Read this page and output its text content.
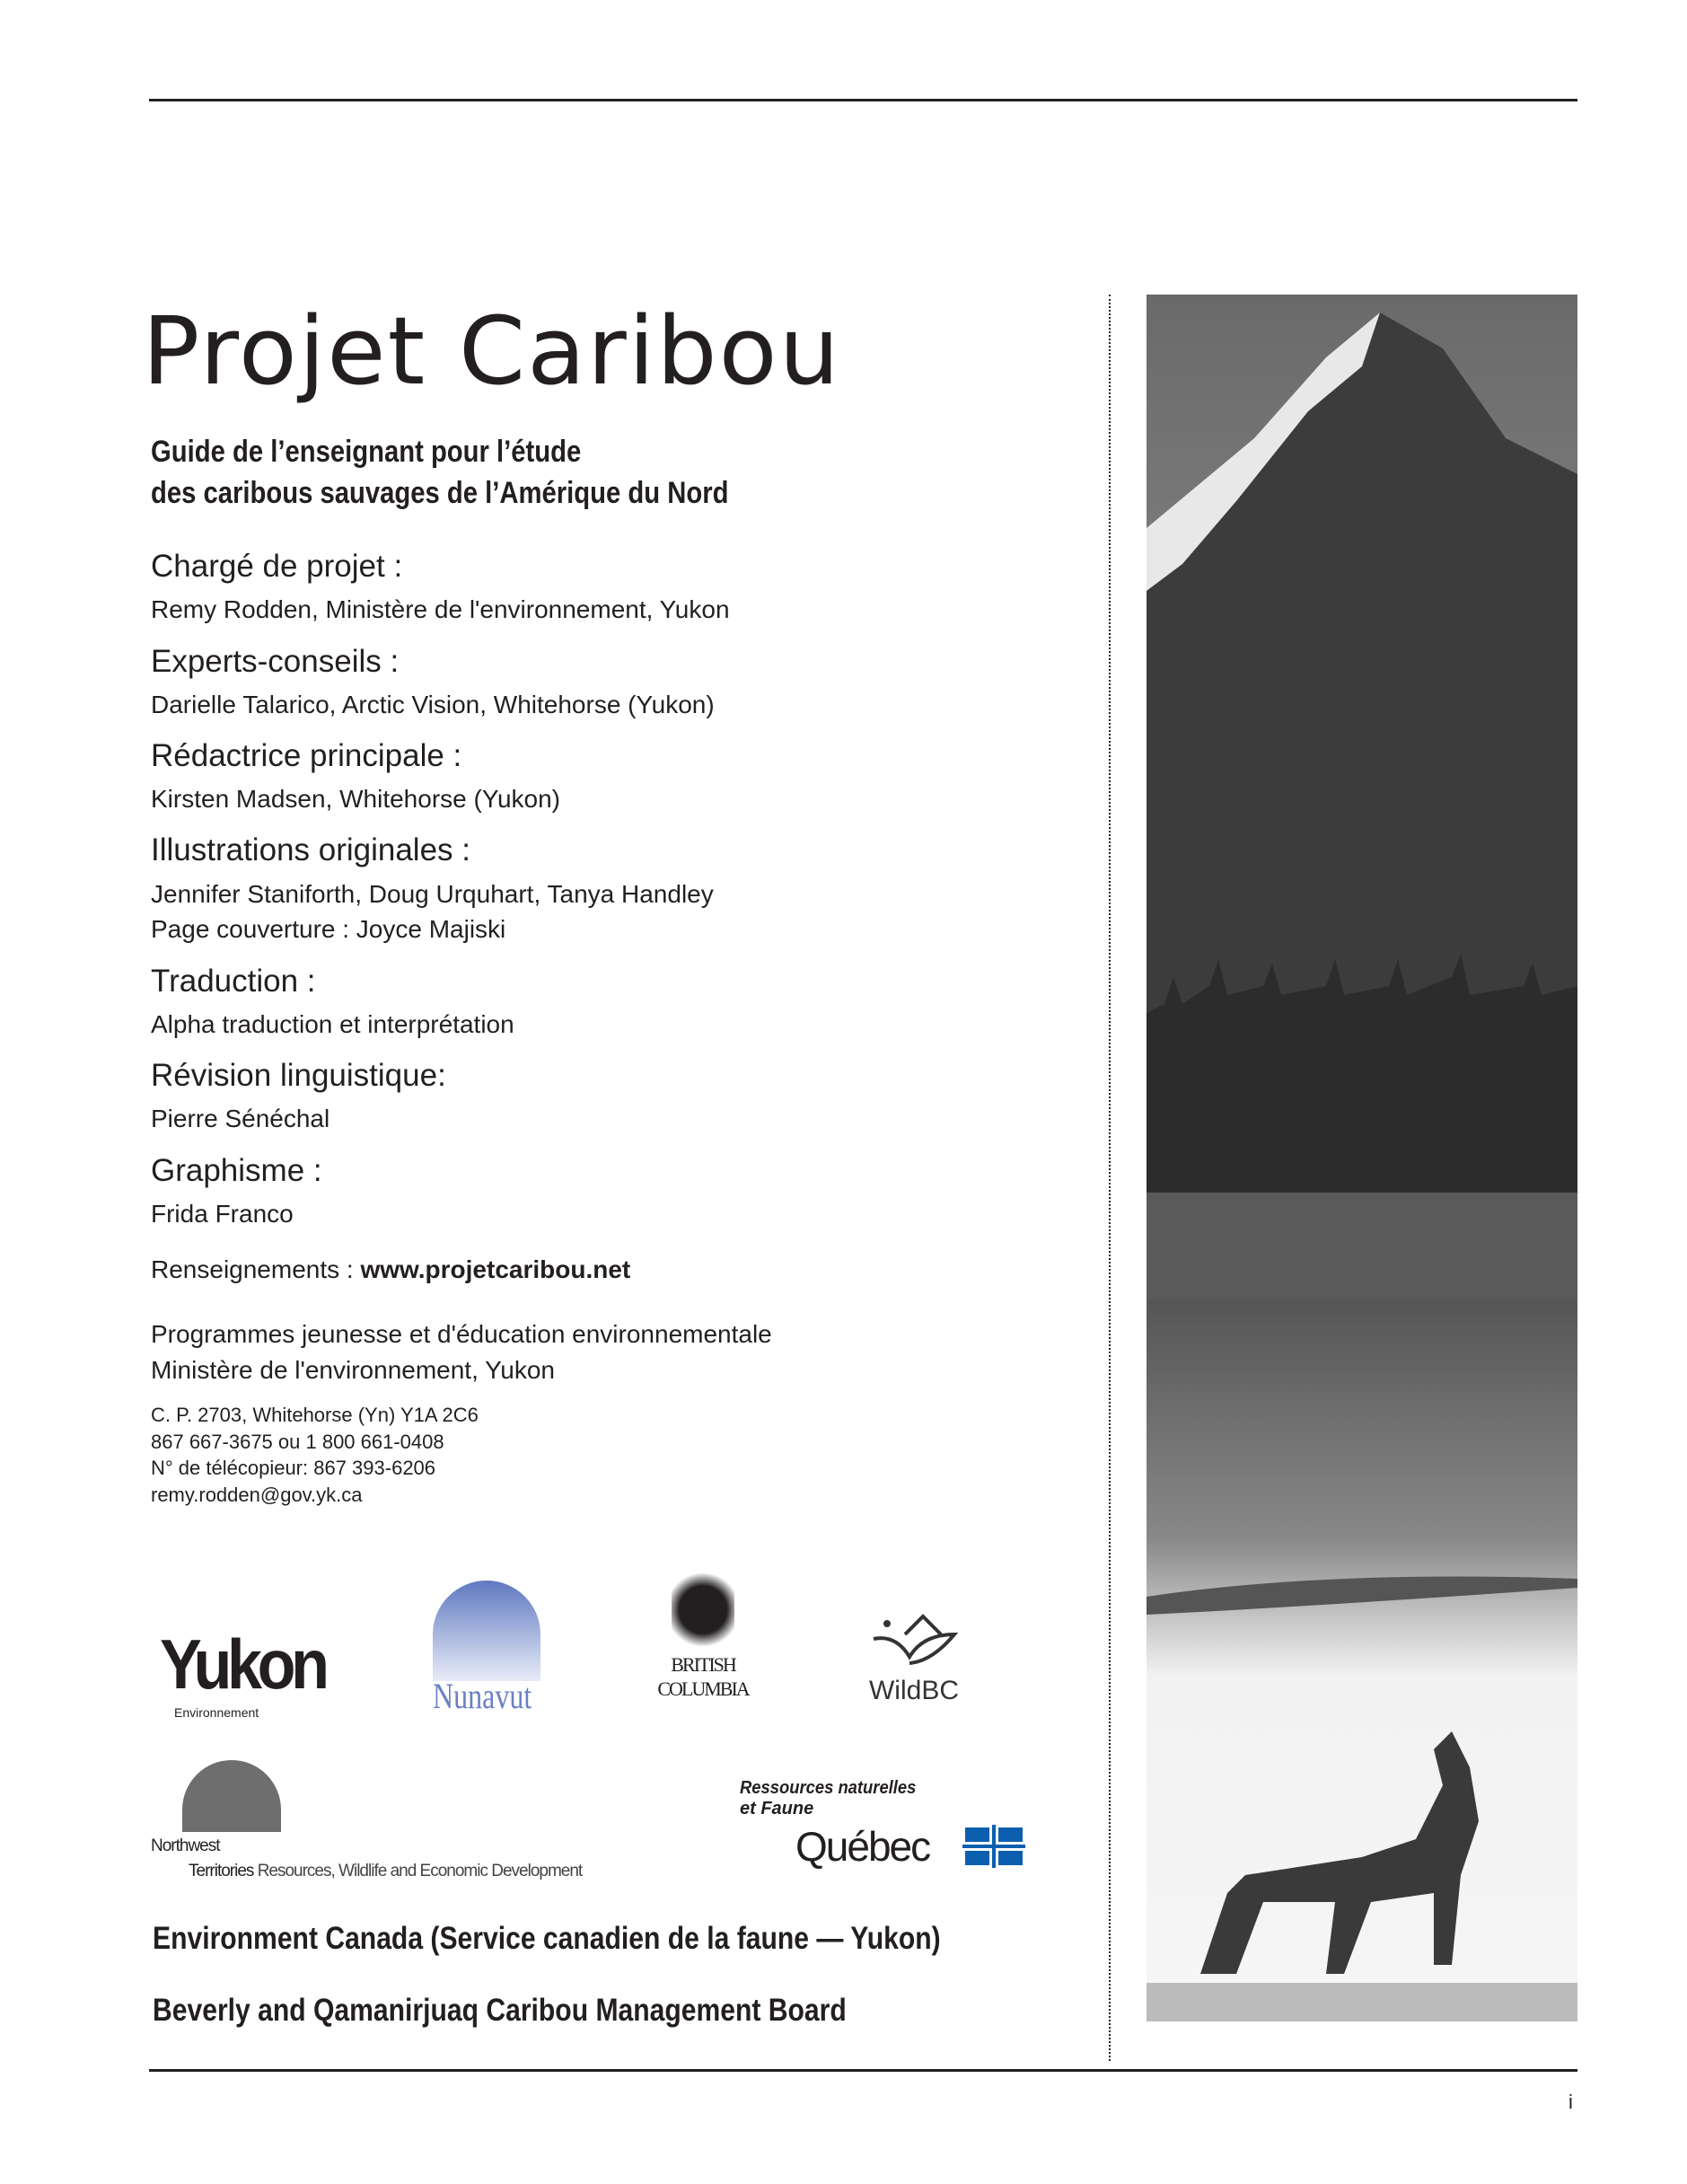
Projet Caribou
Guide de l’enseignant pour l’étude
des caribous sauvages de l’Amérique du Nord
Chargé de projet :
Remy Rodden, Ministère de l'environnement, Yukon
Experts-conseils :
Darielle Talarico, Arctic Vision, Whitehorse (Yukon)
Rédactrice principale :
Kirsten Madsen, Whitehorse (Yukon)
Illustrations originales :
Jennifer Staniforth, Doug Urquhart, Tanya Handley
Page couverture : Joyce Majiski
Traduction :
Alpha traduction et interprétation
Révision linguistique:
Pierre Sénéchal
Graphisme :
Frida Franco
Renseignements : www.projetcaribou.net
Programmes jeunesse et d'éducation environnementale
Ministère de l'environnement, Yukon
C. P. 2703, Whitehorse (Yn) Y1A 2C6
867 667-3675 ou 1 800 661-0408
N° de télécopieur: 867 393-6206
remy.rodden@gov.yk.ca
Yukon
Environnement	Nunavut
BRITISH
COLUMBIA	WildBC
Northwest
Territories Resources, Wildlife and Economic Development
Ressources naturelles
et Faune
Québec
Environment Canada (Service canadien de la faune — Yukon)
Beverly and Qamanirjuaq Caribou Management Board
i
